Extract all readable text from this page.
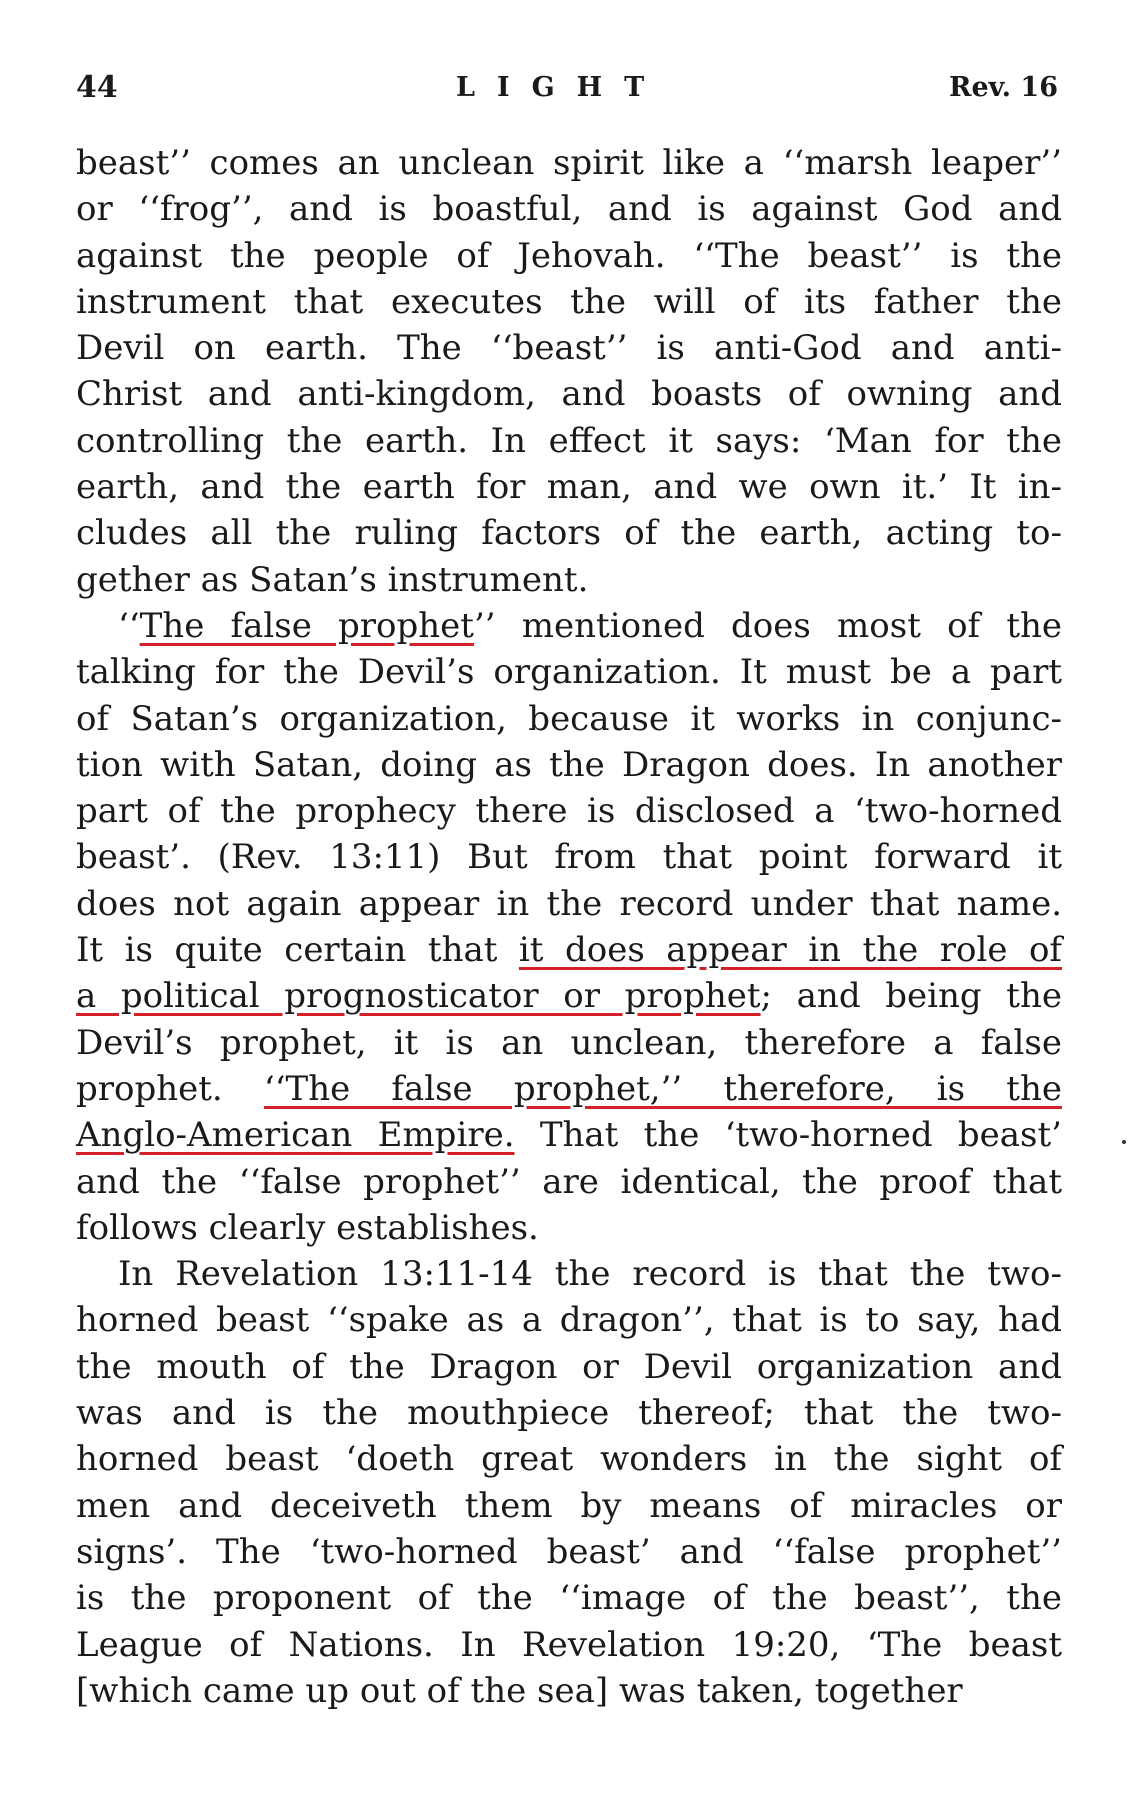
44	LIGHT	Rev. 16
beast’’ comes an unclean spirit like a ‘‘marsh leaper’’
or ‘‘frog’’, and is boastful, and is against God and
against the people of Jehovah. ‘‘The beast’’ is the
instrument that executes the will of its father the
Devil on earth. The ‘‘beast’’ is anti-God and anti-
Christ and anti-kingdom, and boasts of owning and
controlling the earth. In effect it says: ‘Man for the
earth, and the earth for man, and we own it.’ It in-
cludes all the ruling factors of the earth, acting to-
gether as Satan’s instrument.
‘‘The false prophet’’ mentioned does most of the
talking for the Devil’s organization. It must be a part
of Satan’s organization, because it works in conjunc-
tion with Satan, doing as the Dragon does. In another
part of the prophecy there is disclosed a ‘two-horned
beast’. (Rev. 13:11) But from that point forward it
does not again appear in the record under that name.
It is quite certain that it does appear in the role of
a political prognosticator or prophet; and being the
Devil’s prophet, it is an unclean, therefore a false
prophet. ‘‘The false prophet,’’ therefore, is the
Anglo-American Empire. That the ‘two-horned beast’
and the ‘‘false prophet’’ are identical, the proof that
follows clearly establishes.
In Revelation 13:11-14 the record is that the two-
horned beast ‘‘spake as a dragon’’, that is to say, had
the mouth of the Dragon or Devil organization and
was and is the mouthpiece thereof; that the two-
horned beast ‘doeth great wonders in the sight of
men and deceiveth them by means of miracles or
signs’. The ‘two-horned beast’ and ‘‘false prophet’’
is the proponent of the ‘‘image of the beast’’, the
League of Nations. In Revelation 19:20, ‘The beast
[which came up out of the sea] was taken, together
